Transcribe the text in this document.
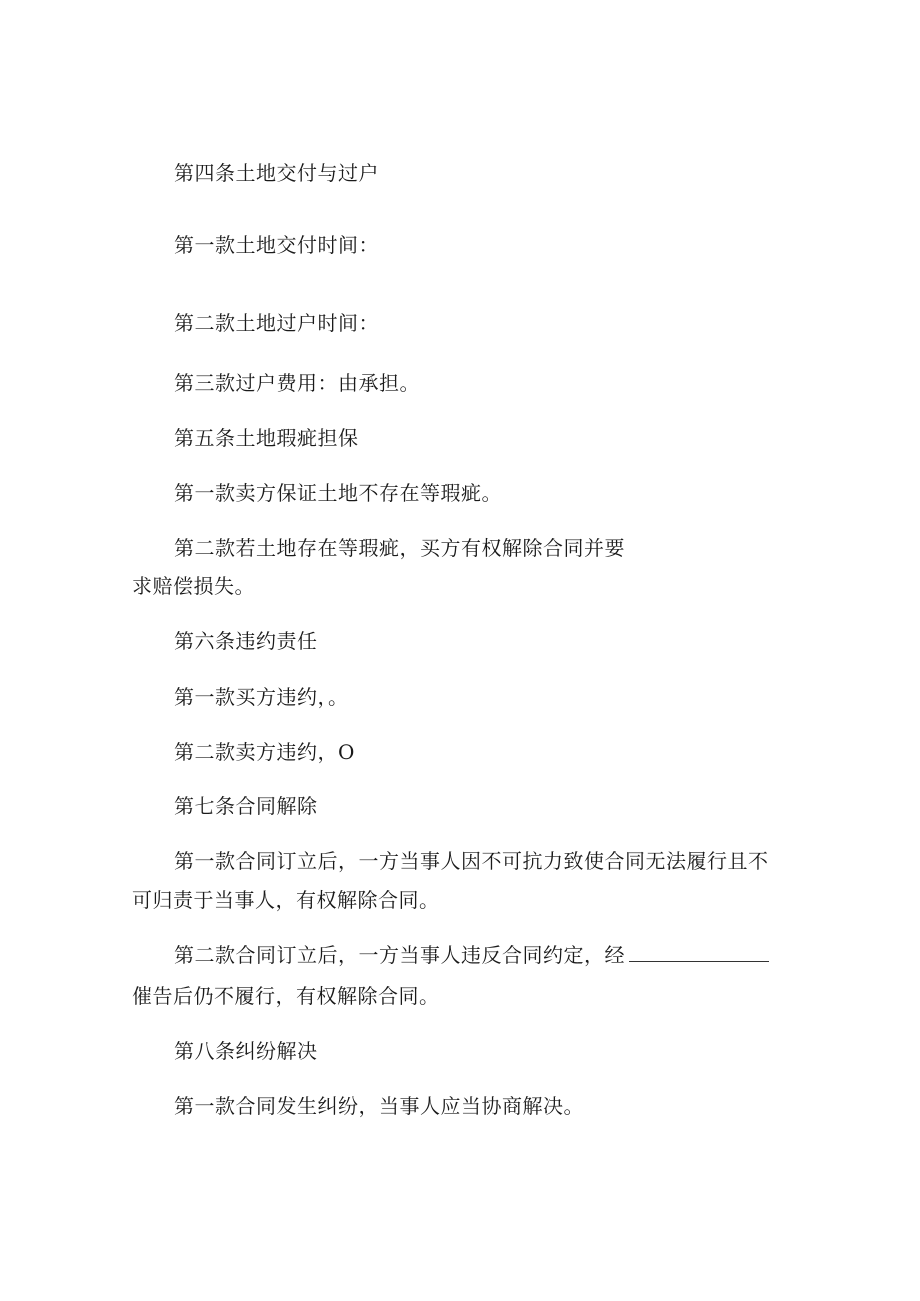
第四条土地交付与过户
第一款土地交付时间：
第二款土地过户时间：
第三款过户费用：由承担。
第五条土地瑕疵担保
第一款卖方保证土地不存在等瑕疵。
第二款若土地存在等瑕疵，买方有权解除合同并要
求赔偿损失。
第六条违约责任
第一款买方违约，。
第二款卖方违约，O
第七条合同解除
第一款合同订立后，一方当事人因不可抗力致使合同无法履行且不
可归责于当事人，有权解除合同。
第二款合同订立后，一方当事人违反合同约定，经
催告后仍不履行，有权解除合同。
第八条纠纷解决
第一款合同发生纠纷，当事人应当协商解决。
